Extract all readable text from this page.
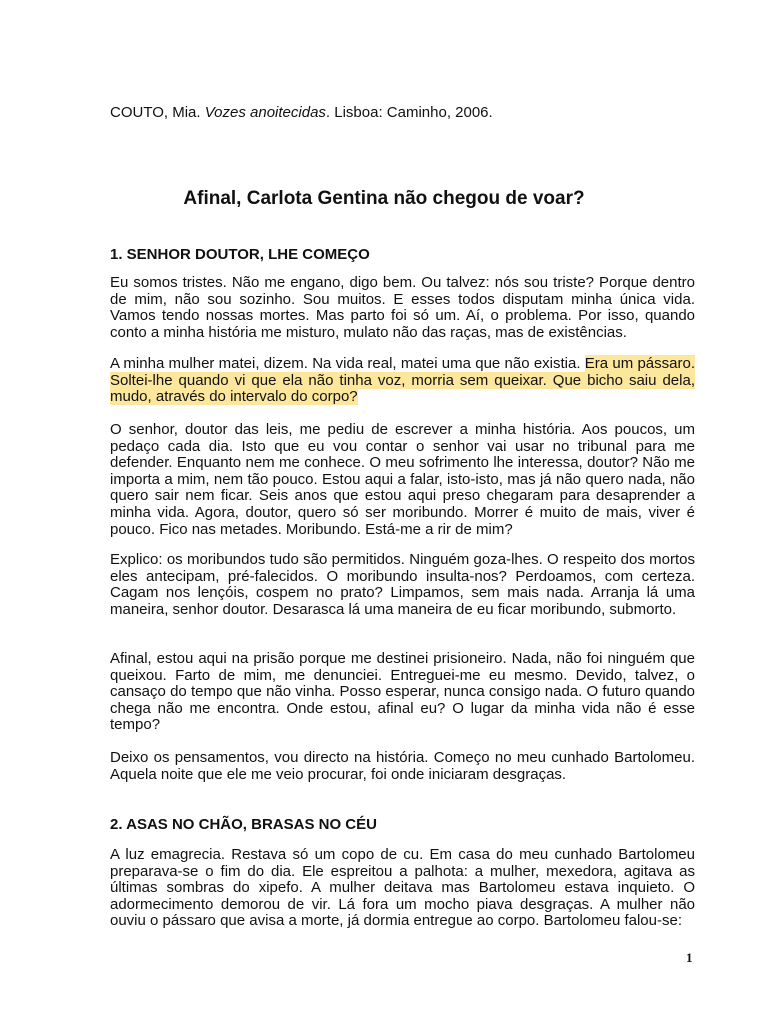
COUTO, Mia. Vozes anoitecidas. Lisboa: Caminho, 2006.

Afinal, Carlota Gentina não chegou de voar?
1. SENHOR DOUTOR, LHE COMEÇO

Eu somos tristes. Não me engano, digo bem. Ou talvez: nós sou triste? Porque dentro de mim, não sou sozinho. Sou muitos. E esses todos disputam minha única vida. Vamos tendo nossas mortes. Mas parto foi só um. Aí, o problema. Por isso, quando conto a minha história me misturo, mulato não das raças, mas de existências.

A minha mulher matei, dizem. Na vida real, matei uma que não existia. Era um pássaro. Soltei-lhe quando vi que ela não tinha voz, morria sem queixar. Que bicho saiu dela, mudo, através do intervalo do corpo?

O senhor, doutor das leis, me pediu de escrever a minha história. Aos poucos, um pedaço cada dia. Isto que eu vou contar o senhor vai usar no tribunal para me defender. Enquanto nem me conhece. O meu sofrimento lhe interessa, doutor? Não me importa a mim, nem tão pouco. Estou aqui a falar, isto-isto, mas já não quero nada, não quero sair nem ficar. Seis anos que estou aqui preso chegaram para desaprender a minha vida. Agora, doutor, quero só ser moribundo. Morrer é muito de mais, viver é pouco. Fico nas metades. Moribundo. Está-me a rir de mim?

Explico: os moribundos tudo são permitidos. Ninguém goza-lhes. O respeito dos mortos eles antecipam, pré-falecidos. O moribundo insulta-nos? Perdoamos, com certeza. Cagam nos lençóis, cospem no prato? Limpamos, sem mais nada. Arranja lá uma maneira, senhor doutor. Desarasca lá uma maneira de eu ficar moribundo, submorto.

Afinal, estou aqui na prisão porque me destinei prisioneiro. Nada, não foi ninguém que queixou. Farto de mim, me denunciei. Entreguei-me eu mesmo. Devido, talvez, o cansaço do tempo que não vinha. Posso esperar, nunca consigo nada. O futuro quando chega não me encontra. Onde estou, afinal eu? O lugar da minha vida não é esse tempo?

Deixo os pensamentos, vou directo na história. Começo no meu cunhado Bartolomeu. Aquela noite que ele me veio procurar, foi onde iniciaram desgraças.

2. ASAS NO CHÃO, BRASAS NO CÉU

A luz emagrecia. Restava só um copo de cu. Em casa do meu cunhado Bartolomeu preparava-se o fim do dia. Ele espreitou a palhota: a mulher, mexedora, agitava as últimas sombras do xipefo. A mulher deitava mas Bartolomeu estava inquieto. O adormecimento demorou de vir. Lá fora um mocho piava desgraças. A mulher não ouviu o pássaro que avisa a morte, já dormia entregue ao corpo. Bartolomeu falou-se:

1
